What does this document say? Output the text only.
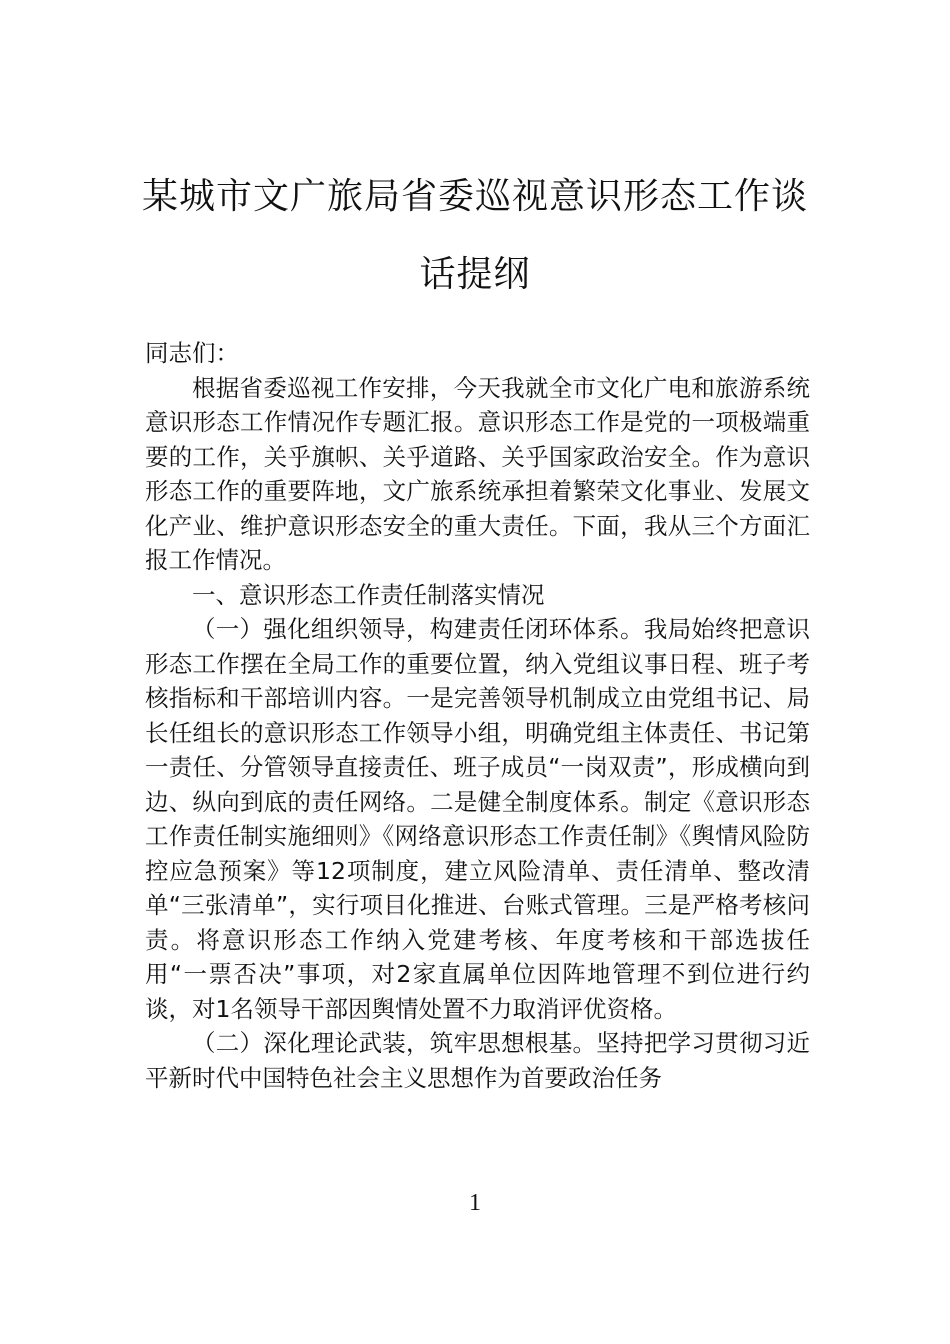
某城市文广旅局省委巡视意识形态工作谈
话提纲

同志们：

根据省委巡视工作安排，今天我就全市文化广电和旅游系统意识形态工作情况作专题汇报。意识形态工作是党的一项极端重要的工作，关乎旗帜、关乎道路、关乎国家政治安全。作为意识形态工作的重要阵地，文广旅系统承担着繁荣文化事业、发展文化产业、维护意识形态安全的重大责任。下面，我从三个方面汇报工作情况。

一、意识形态工作责任制落实情况

（一）强化组织领导，构建责任闭环体系。我局始终把意识形态工作摆在全局工作的重要位置，纳入党组议事日程、班子考核指标和干部培训内容。一是完善领导机制成立由党组书记、局长任组长的意识形态工作领导小组，明确党组主体责任、书记第一责任、分管领导直接责任、班子成员“一岗双责”，形成横向到边、纵向到底的责任网络。二是健全制度体系。制定《意识形态工作责任制实施细则》《网络意识形态工作责任制》《舆情风险防控应急预案》等12项制度，建立风险清单、责任清单、整改清单“三张清单”，实行项目化推进、台账式管理。三是严格考核问责。将意识形态工作纳入党建考核、年度考核和干部选拔任用“一票否决”事项，对2家直属单位因阵地管理不到位进行约谈，对1名领导干部因舆情处置不力取消评优资格。

（二）深化理论武装，筑牢思想根基。坚持把学习贯彻习近平新时代中国特色社会主义思想作为首要政治任务

1
